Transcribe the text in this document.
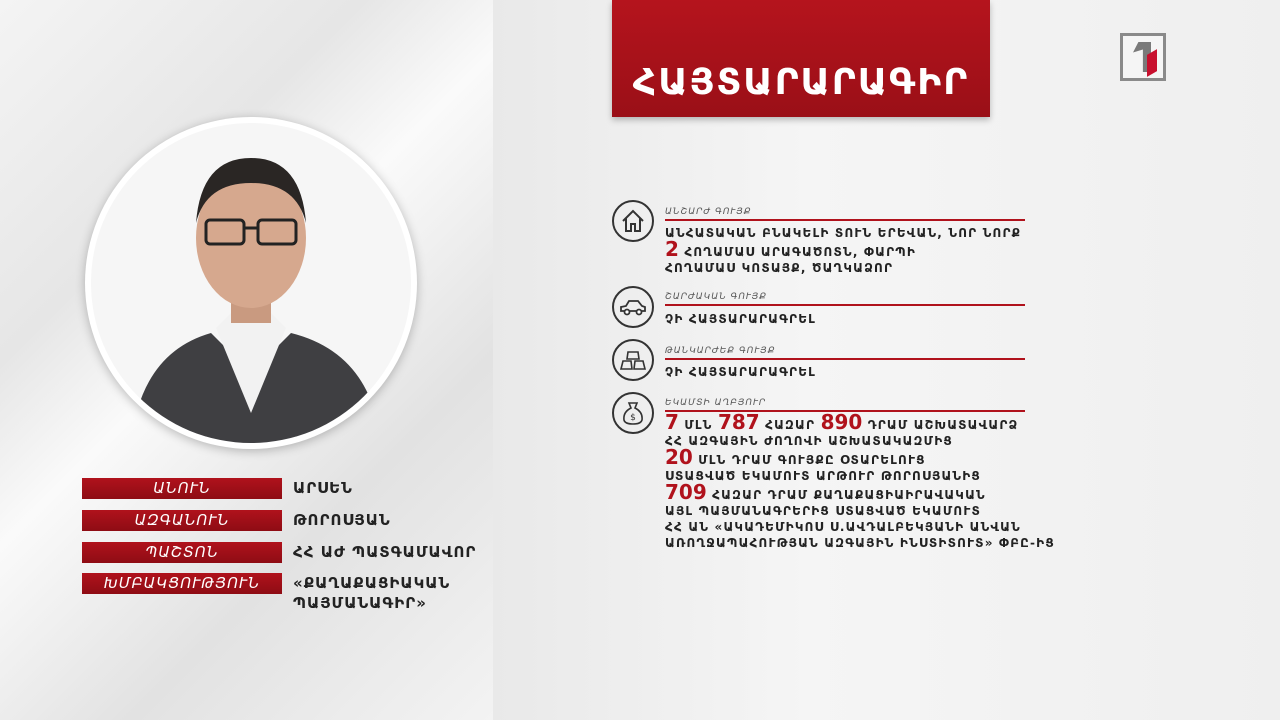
ՀԱՅՏԱՐԱՐԱԳԻՐ
ԱՆՈՒՆ	ԱՐՍԵՆ
ԱԶԳԱՆՈՒՆ	ԹՈՐՈՍՅԱՆ
ՊԱՇՏՈՆ	ՀՀ ԱԺ ՊԱՏԳԱՄԱՎՈՐ
ԽՄԲԱԿՑՈՒԹՅՈՒՆ	«ՔԱՂԱՔԱՑԻԱԿԱՆ
ՊԱՅՄԱՆԱԳԻՐ»
ԱՆՇԱՐԺ ԳՈՒՅՔ
ԱՆՀԱՏԱԿԱՆ ԲՆԱԿԵԼԻ ՏՈՒՆ ԵՐԵՎԱՆ, ՆՈՐ ՆՈՐՔ
2 ՀՈՂԱՄԱՍ ԱՐԱԳԱԾՈՏՆ, ՓԱՐՊԻ
ՀՈՂԱՄԱՍ ԿՈՏԱՅՔ, ԾԱՂԿԱՁՈՐ
ՇԱՐԺԱԿԱՆ ԳՈՒՅՔ
ՉԻ ՀԱՅՏԱՐԱՐԱԳՐԵԼ
ԹԱՆԿԱՐԺԵՔ ԳՈՒՅՔ
ՉԻ ՀԱՅՏԱՐԱՐԱԳՐԵԼ
$
ԵԿԱՄՏԻ ԱՂԲՅՈՒՐ
7 ՄԼՆ 787 ՀԱԶԱՐ 890 ԴՐԱՄ ԱՇԽԱՏԱՎԱՐՁ
ՀՀ ԱԶԳԱՅԻՆ ԺՈՂՈՎԻ ԱՇԽԱՏԱԿԱԶՄԻՑ
20 ՄԼՆ ԴՐԱՄ ԳՈՒՅՔԸ ՕՏԱՐԵԼՈՒՑ
ՍՏԱՑՎԱԾ ԵԿԱՄՈՒՏ ԱՐԹՈՒՐ ԹՈՐՈՍՅԱՆԻՑ
709 ՀԱԶԱՐ ԴՐԱՄ ՔԱՂԱՔԱՑԻԱԻՐԱՎԱԿԱՆ
ԱՅԼ ՊԱՅՄԱՆԱԳՐԵՐԻՑ ՍՏԱՑՎԱԾ ԵԿԱՄՈՒՏ
ՀՀ ԱՆ «ԱԿԱԴԵՄԻԿՈՍ Ս.ԱՎԴԱԼԲԵԿՅԱՆԻ ԱՆՎԱՆ
ԱՌՈՂՋԱՊԱՀՈՒԹՅԱՆ ԱԶԳԱՅԻՆ ԻՆՍՏԻՏՈՒՏ» ՓԲԸ-ԻՑ
